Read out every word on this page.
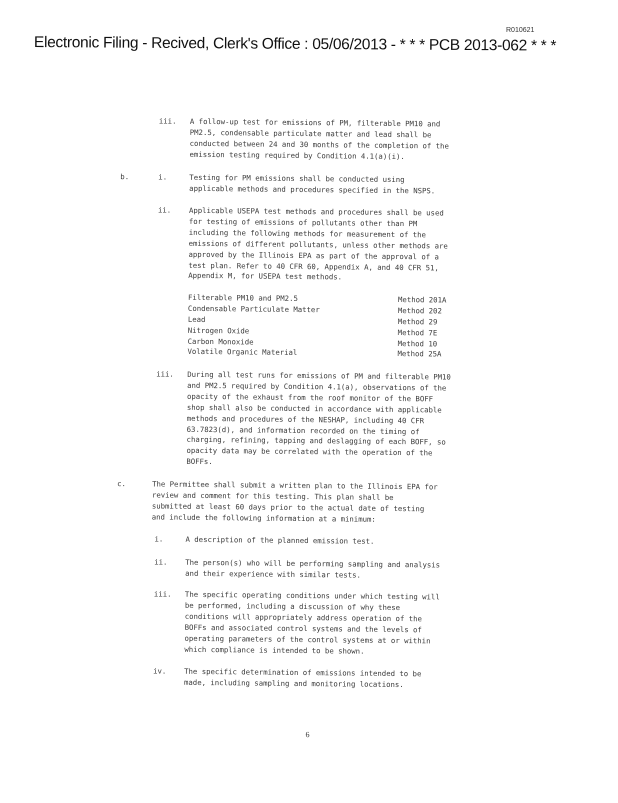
R010621
Electronic Filing - Recived, Clerk's Office : 05/06/2013 - * * * PCB 2013-062 * * *
iii. A follow-up test for emissions of PM, filterable PM10 and

PM2.5, condensable particulate matter and lead shall be

conducted between 24 and 30 months of the completion of the

emission testing required by Condition 4.1(a)(i).

b.	i.	Testing for PM emissions shall be conducted using

applicable methods and procedures specified in the NSPS.

ii. Applicable USEPA test methods and procedures shall be used

for testing of emissions of pollutants other than PM

including the following methods for measurement of the

emissions of different pollutants, unless other methods are

approved by the Illinois EPA as part of the approval of a

test plan. Refer to 40 CFR 60, Appendix A, and 40 CFR 51,

Appendix M, for USEPA test methods.

Filterable PM10 and PM2.5	Method 201A
Condensable Particulate Matter	Method 202
Lead	Method 29
Nitrogen Oxide	Method 7E
Carbon Monoxide	Method 10
Volatile Organic Material	Method 25A
iii. During all test runs for emissions of PM and filterable PM10

and PM2.5 required by Condition 4.1(a), observations of the

opacity of the exhaust from the roof monitor of the BOFF

shop shall also be conducted in accordance with applicable

methods and procedures of the NESHAP, including 40 CFR

63.7823(d), and information recorded on the timing of

charging, refining, tapping and deslagging of each BOFF, so

opacity data may be correlated with the operation of the

BOFFs.

c.	The Permittee shall submit a written plan to the Illinois EPA for

review and comment for this testing. This plan shall be

submitted at least 60 days prior to the actual date of testing

and include the following information at a minimum:

i.	A description of the planned emission test.

ii. The person(s) who will be performing sampling and analysis

and their experience with similar tests.

iii. The specific operating conditions under which testing will

be performed, including a discussion of why these

conditions will appropriately address operation of the

BOFFs and associated control systems and the levels of

operating parameters of the control systems at or within

which compliance is intended to be shown.

iv. The specific determination of emissions intended to be

made, including sampling and monitoring locations.

6
